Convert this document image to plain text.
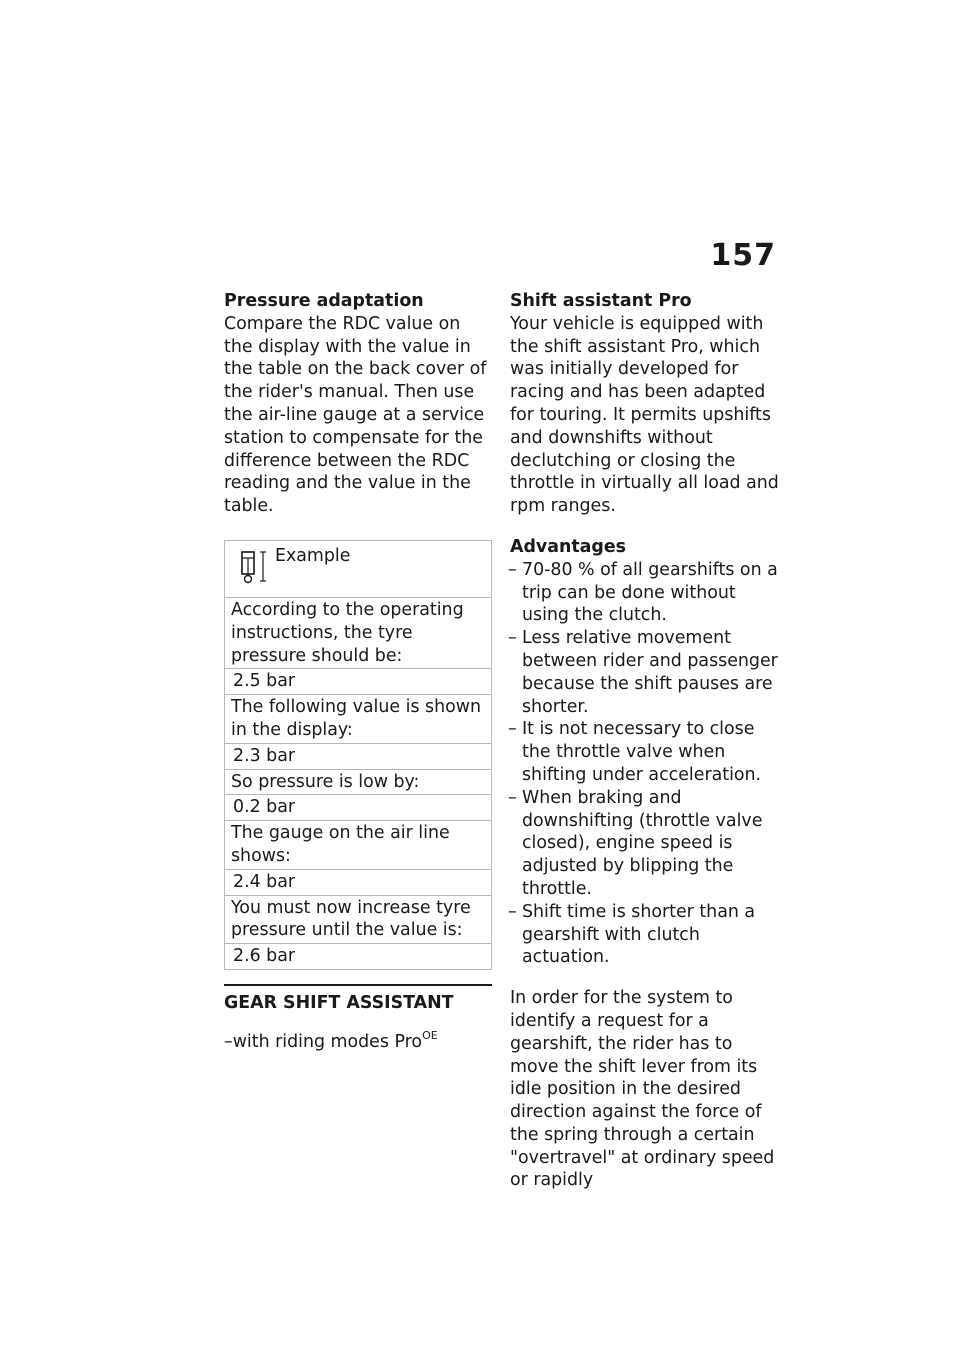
157
Pressure adaptation

Compare the RDC value on the display with the value in the table on the back cover of the rider's manual. Then use the air-line gauge at a service station to compensate for the difference between the RDC reading and the value in the table.

Example
According to the operating instructions, the tyre pressure should be:
2.5 bar
The following value is shown in the display:
2.3 bar
So pressure is low by:
0.2 bar
The gauge on the air line shows:
2.4 bar
You must now increase tyre pressure until the value is:
2.6 bar
GEAR SHIFT ASSISTANT
–with riding modes Pro$^{OE}$
Shift assistant Pro

Your vehicle is equipped with the shift assistant Pro, which was initially developed for racing and has been adapted for touring. It permits upshifts and downshifts without declutching or closing the throttle in virtually all load and rpm ranges.

Advantages
– 70-80 % of all gearshifts on a trip can be done without using the clutch.
– Less relative movement between rider and passenger because the shift pauses are shorter.
– It is not necessary to close the throttle valve when shifting under acceleration.
– When braking and downshifting (throttle valve closed), engine speed is adjusted by blipping the throttle.
– Shift time is shorter than a gearshift with clutch actuation.

In order for the system to identify a request for a gearshift, the rider has to move the shift lever from its idle position in the desired direction against the force of the spring through a certain "overtravel" at ordinary speed or rapidly
